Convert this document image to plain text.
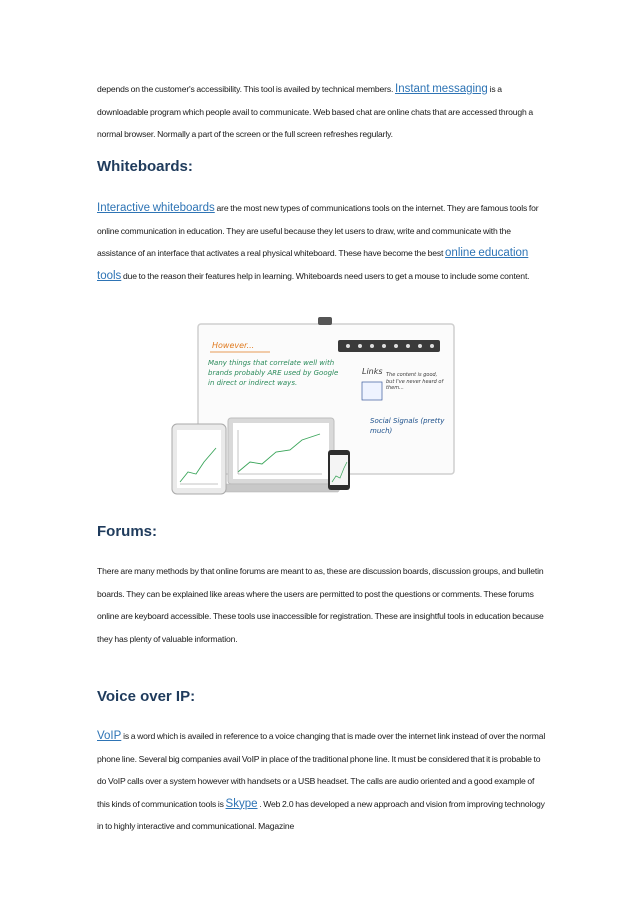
depends on the customer's accessibility. This tool is availed by technical members. Instant messaging is a downloadable program which people avail to communicate. Web based chat are online chats that are accessed through a normal browser. Normally a part of the screen or the full screen refreshes regularly.

Whiteboards:

Interactive whiteboards are the most new types of communications tools on the internet. They are famous tools for online communication in education. They are useful because they let users to draw, write and communicate with the assistance of an interface that activates a real physical whiteboard. These have become the best online education tools due to the reason their features help in learning. Whiteboards need users to get a mouse to include some content.

However...
Many things that correlate well with brands probably ARE used by Google in direct or indirect ways.
Links The content is good, but I've never heard of them...
Social Signals (pretty much)
Forums:

There are many methods by that online forums are meant to as, these are discussion boards, discussion groups, and bulletin boards. They can be explained like areas where the users are permitted to post the questions or comments. These forums online are keyboard accessible. These tools use inaccessible for registration. These are insightful tools in education because they has plenty of valuable information.

Voice over IP:

VoIP is a word which is availed in reference to a voice changing that is made over the internet link instead of over the normal phone line. Several big companies avail VoIP in place of the traditional phone line. It must be considered that it is probable to do VoIP calls over a system however with handsets or a USB headset. The calls are audio oriented and a good example of this kinds of communication tools is Skype . Web 2.0 has developed a new approach and vision from improving technology in to highly interactive and communicational. Magazine
